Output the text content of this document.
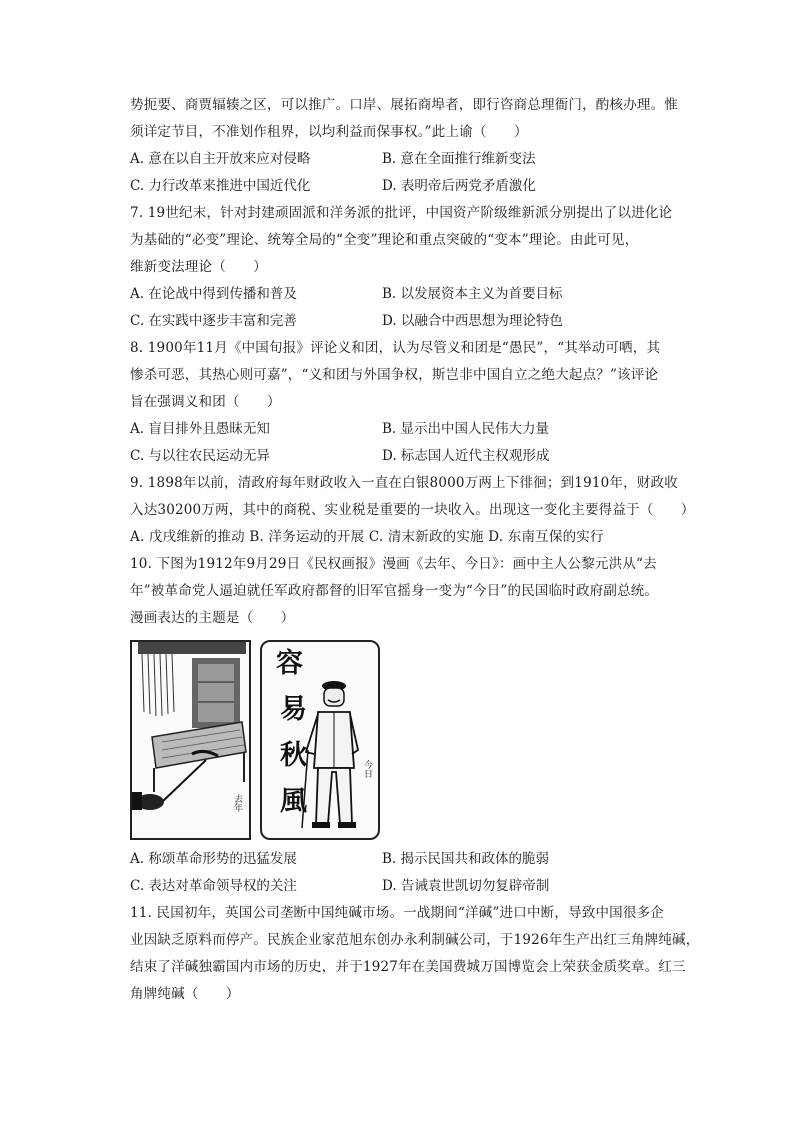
势扼要、商贾辐辏之区，可以推广。口岸、展拓商埠者，即行咨商总理衙门，酌核办理。惟
须详定节目，不准划作租界，以均利益而保事权。”此上谕（　　）
A. 意在以自主开放来应对侵略	B. 意在全面推行维新变法
C. 力行改革来推进中国近代化	D. 表明帝后两党矛盾激化
7. 19世纪末，针对封建顽固派和洋务派的批评，中国资产阶级维新派分别提出了以进化论
为基础的“必变”理论、统筹全局的“全变”理论和重点突破的“变本”理论。由此可见，
维新变法理论（　　）
A. 在论战中得到传播和普及	B. 以发展资本主义为首要目标
C. 在实践中逐步丰富和完善	D. 以融合中西思想为理论特色
8. 1900年11月《中国旬报》评论义和团，认为尽管义和团是“愚民”，“其举动可哂，其
惨杀可恶，其热心则可嘉”，“义和团与外国争权，斯岂非中国自立之绝大起点？”该评论
旨在强调义和团（　　）
A. 盲目排外且愚昧无知	B. 显示出中国人民伟大力量
C. 与以往农民运动无异	D. 标志国人近代主权观形成
9. 1898年以前，清政府每年财政收入一直在白银8000万两上下徘徊；到1910年，财政收
入达30200万两，其中的商税、实业税是重要的一块收入。出现这一变化主要得益于（　　）
A. 戊戌维新的推动 B. 洋务运动的开展 C. 清末新政的实施 D. 东南互保的实行
10. 下图为1912年9月29日《民权画报》漫画《去年、今日》：画中主人公黎元洪从“去
年”被革命党人逼迫就任军政府都督的旧军官摇身一变为“今日”的民国临时政府副总统。
漫画表达的主题是（　　）
去年
容
易
秋
風
今日
A. 称颂革命形势的迅猛发展	B. 揭示民国共和政体的脆弱
C. 表达对革命领导权的关注	D. 告诫袁世凯切勿复辟帝制
11. 民国初年，英国公司垄断中国纯碱市场。一战期间“洋碱”进口中断，导致中国很多企
业因缺乏原料而停产。民族企业家范旭东创办永利制碱公司，于1926年生产出红三角牌纯碱，
结束了洋碱独霸国内市场的历史，并于1927年在美国费城万国博览会上荣获金质奖章。红三
角牌纯碱（　　）
